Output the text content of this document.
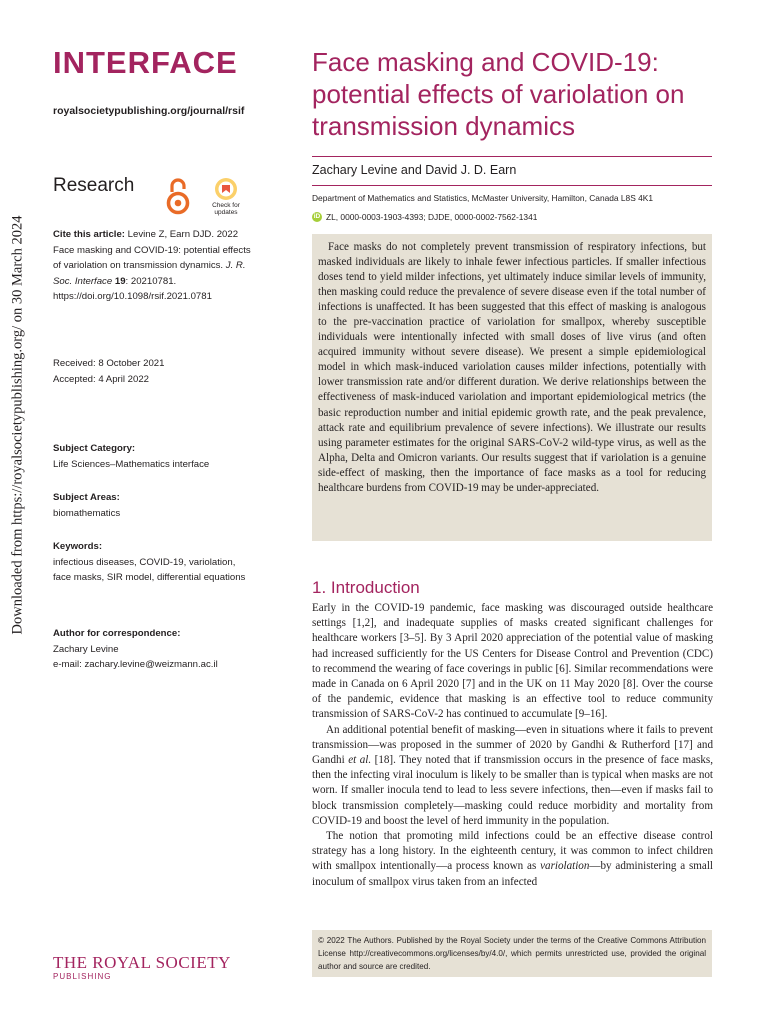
Downloaded from https://royalsocietypublishing.org/ on 30 March 2024
INTERFACE
royalsocietypublishing.org/journal/rsif
Research
Check for updates
Cite this article: Levine Z, Earn DJD. 2022 Face masking and COVID-19: potential effects of variolation on transmission dynamics. J. R. Soc. Interface 19: 20210781.
https://doi.org/10.1098/rsif.2021.0781
Received: 8 October 2021
Accepted: 4 April 2022
Subject Category:
Life Sciences–Mathematics interface
Subject Areas:
biomathematics
Keywords:
infectious diseases, COVID-19, variolation, face masks, SIR model, differential equations
Author for correspondence:
Zachary Levine
e-mail: zachary.levine@weizmann.ac.il
THE ROYAL SOCIETY
PUBLISHING
Face masking and COVID-19: potential effects of variolation on transmission dynamics
Zachary Levine and David J. D. Earn
Department of Mathematics and Statistics, McMaster University, Hamilton, Canada L8S 4K1
iD ZL, 0000-0003-1903-4393; DJDE, 0000-0002-7562-1341

Face masks do not completely prevent transmission of respiratory infections, but masked individuals are likely to inhale fewer infectious particles. If smaller infectious doses tend to yield milder infections, yet ultimately induce similar levels of immunity, then masking could reduce the prevalence of severe disease even if the total number of infections is unaffected. It has been suggested that this effect of masking is analogous to the pre-vaccination practice of variolation for smallpox, whereby susceptible individuals were intentionally infected with small doses of live virus (and often acquired immunity without severe disease). We present a simple epidemiological model in which mask-induced variolation causes milder infections, potentially with lower transmission rate and/or different duration. We derive relationships between the effectiveness of mask-induced variolation and important epidemiological metrics (the basic reproduction number and initial epidemic growth rate, and the peak prevalence, attack rate and equilibrium prevalence of severe infections). We illustrate our results using parameter estimates for the original SARS-CoV-2 wild-type virus, as well as the Alpha, Delta and Omicron variants. Our results suggest that if variolation is a genuine side-effect of masking, then the importance of face masks as a tool for reducing healthcare burdens from COVID-19 may be under-appreciated.

1. Introduction

Early in the COVID-19 pandemic, face masking was discouraged outside healthcare settings [1,2], and inadequate supplies of masks created significant challenges for healthcare workers [3–5]. By 3 April 2020 appreciation of the potential value of masking had increased sufficiently for the US Centers for Disease Control and Prevention (CDC) to recommend the wearing of face coverings in public [6]. Similar recommendations were made in Canada on 6 April 2020 [7] and in the UK on 11 May 2020 [8]. Over the course of the pandemic, evidence that masking is an effective tool to reduce community transmission of SARS-CoV-2 has continued to accumulate [9–16].

An additional potential benefit of masking—even in situations where it fails to prevent transmission—was proposed in the summer of 2020 by Gandhi & Rutherford [17] and Gandhi et al. [18]. They noted that if transmission occurs in the presence of face masks, then the infecting viral inoculum is likely to be smaller than is typical when masks are not worn. If smaller inocula tend to lead to less severe infections, then—even if masks fail to block transmission completely—masking could reduce morbidity and mortality from COVID-19 and boost the level of herd immunity in the population.

The notion that promoting mild infections could be an effective disease control strategy has a long history. In the eighteenth century, it was common to infect children with smallpox intentionally—a process known as variolation—by administering a small inoculum of smallpox virus taken from an infected

© 2022 The Authors. Published by the Royal Society under the terms of the Creative Commons Attribution License http://creativecommons.org/licenses/by/4.0/, which permits unrestricted use, provided the original author and source are credited.
